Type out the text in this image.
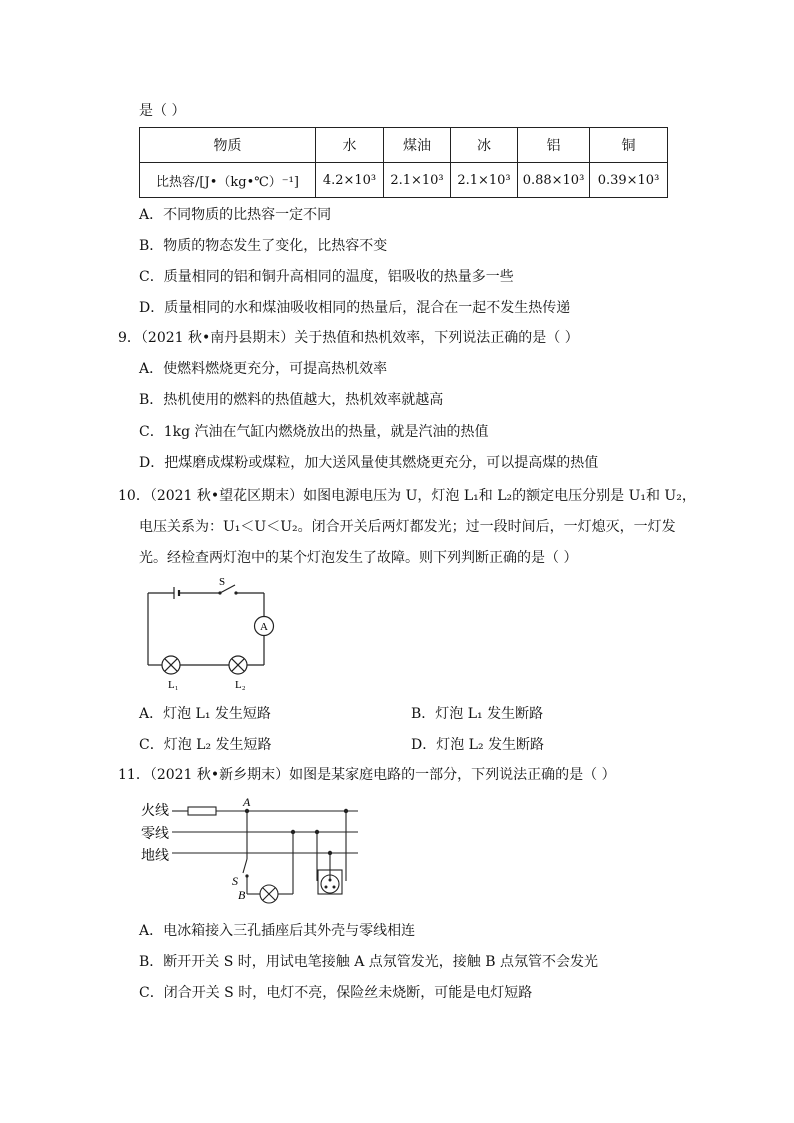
是（ ）
物质	水	煤油	冰	铝	铜
比热容/[J•（kg•℃）⁻¹]	4.2×10³	2.1×10³	2.1×10³	0.88×10³	0.39×10³
A．不同物质的比热容一定不同
B．物质的物态发生了变化，比热容不变
C．质量相同的铝和铜升高相同的温度，铝吸收的热量多一些
D．质量相同的水和煤油吸收相同的热量后，混合在一起不发生热传递
9．（2021 秋•南丹县期末）关于热值和热机效率，下列说法正确的是（ ）
A．使燃料燃烧更充分，可提高热机效率
B．热机使用的燃料的热值越大，热机效率就越高
C．1kg 汽油在气缸内燃烧放出的热量，就是汽油的热值
D．把煤磨成煤粉或煤粒，加大送风量使其燃烧更充分，可以提高煤的热值
10．（2021 秋•望花区期末）如图电源电压为 U，灯泡 L₁和 L₂的额定电压分别是 U₁和 U₂，
电压关系为：U₁＜U＜U₂。闭合开关后两灯都发光；过一段时间后，一灯熄灭，一灯发
光。经检查两灯泡中的某个灯泡发生了故障。则下列判断正确的是（ ）
S
A
L₁	L₂
A．灯泡 L₁ 发生短路	B．灯泡 L₁ 发生断路
C．灯泡 L₂ 发生短路	D．灯泡 L₂ 发生断路
11．（2021 秋•新乡期末）如图是某家庭电路的一部分，下列说法正确的是（ ）
火线
零线
地线
A
S
B
A．电冰箱接入三孔插座后其外壳与零线相连
B．断开开关 S 时，用试电笔接触 A 点氖管发光，接触 B 点氖管不会发光
C．闭合开关 S 时，电灯不亮，保险丝未烧断，可能是电灯短路
